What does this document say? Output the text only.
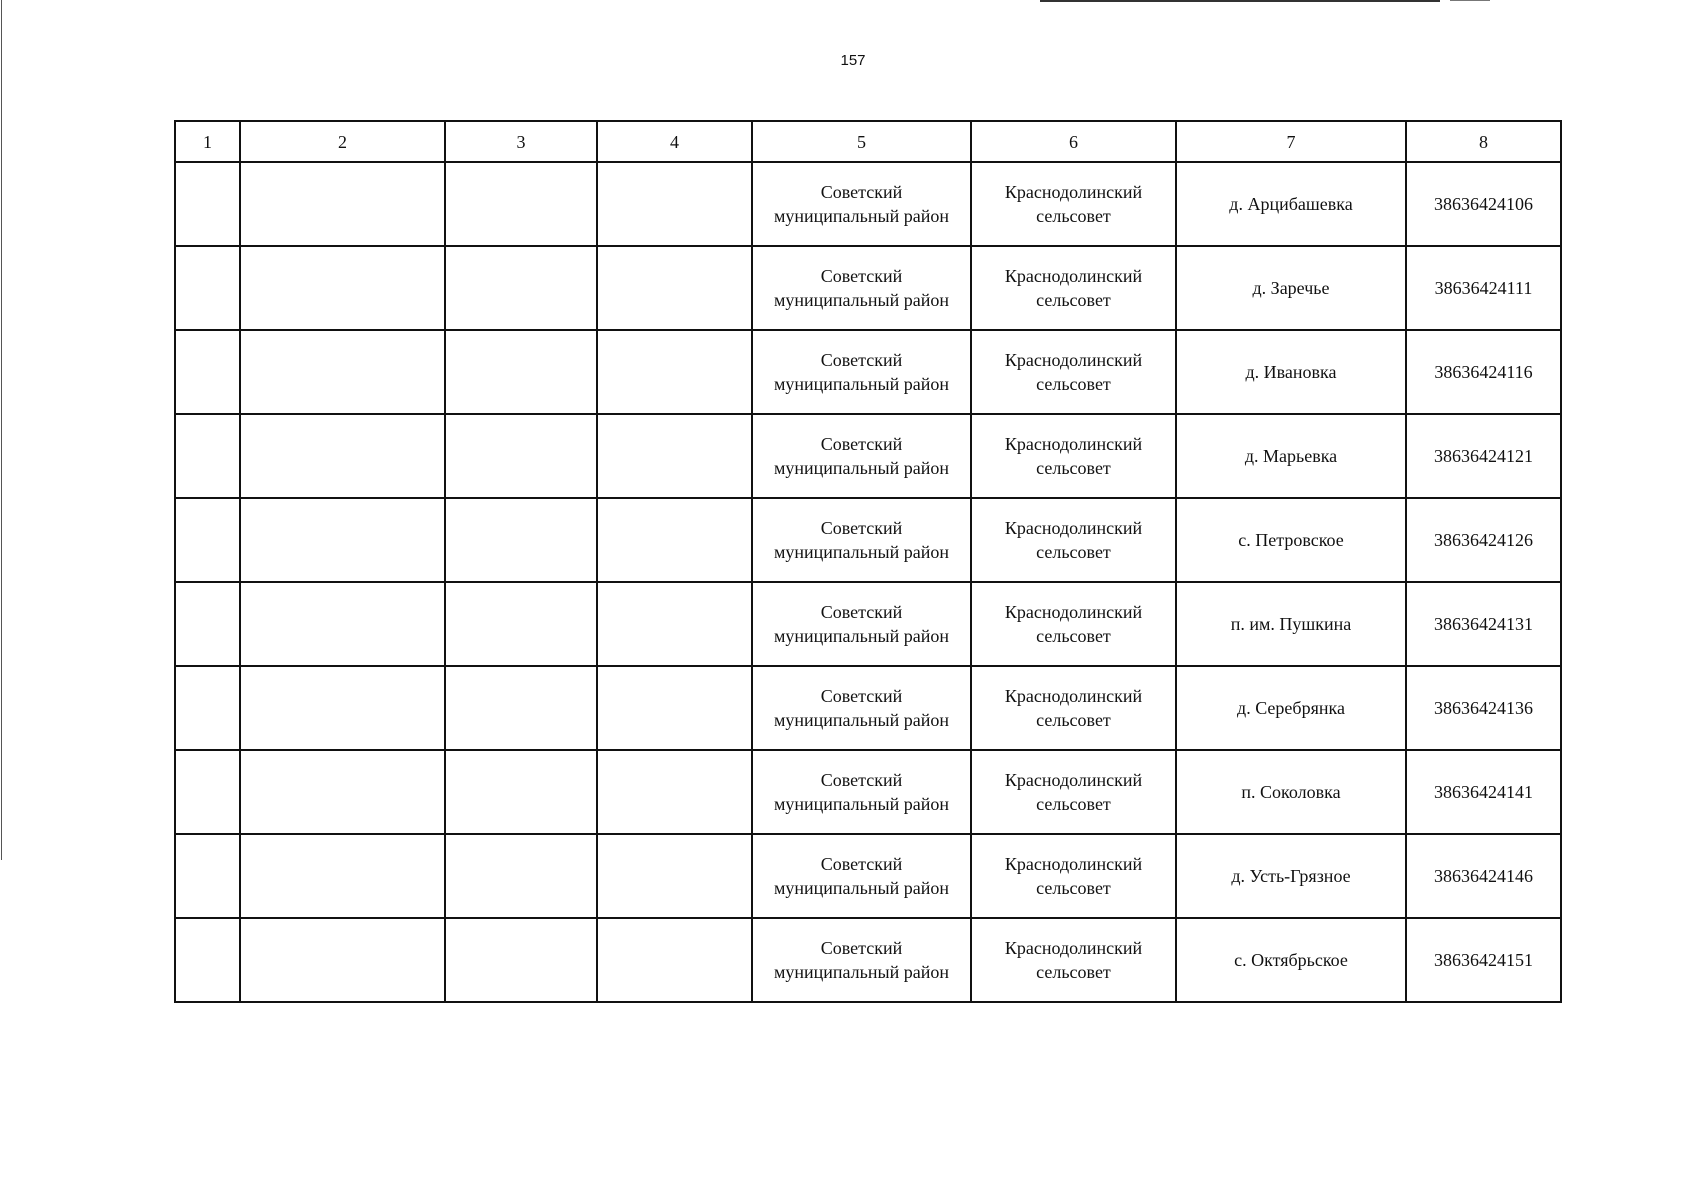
157
1	2	3	4	5	6	7	8

				Советский
муниципальный район	Краснодолинский
сельсовет	д. Арцибашевка	38636424106

				Советский
муниципальный район	Краснодолинский
сельсовет	д. Заречье	38636424111

				Советский
муниципальный район	Краснодолинский
сельсовет	д. Ивановка	38636424116

				Советский
муниципальный район	Краснодолинский
сельсовет	д. Марьевка	38636424121

				Советский
муниципальный район	Краснодолинский
сельсовет	с. Петровское	38636424126

				Советский
муниципальный район	Краснодолинский
сельсовет	п. им. Пушкина	38636424131

				Советский
муниципальный район	Краснодолинский
сельсовет	д. Серебрянка	38636424136

				Советский
муниципальный район	Краснодолинский
сельсовет	п. Соколовка	38636424141

				Советский
муниципальный район	Краснодолинский
сельсовет	д. Усть-Грязное	38636424146

				Советский
муниципальный район	Краснодолинский
сельсовет	с. Октябрьское	38636424151
